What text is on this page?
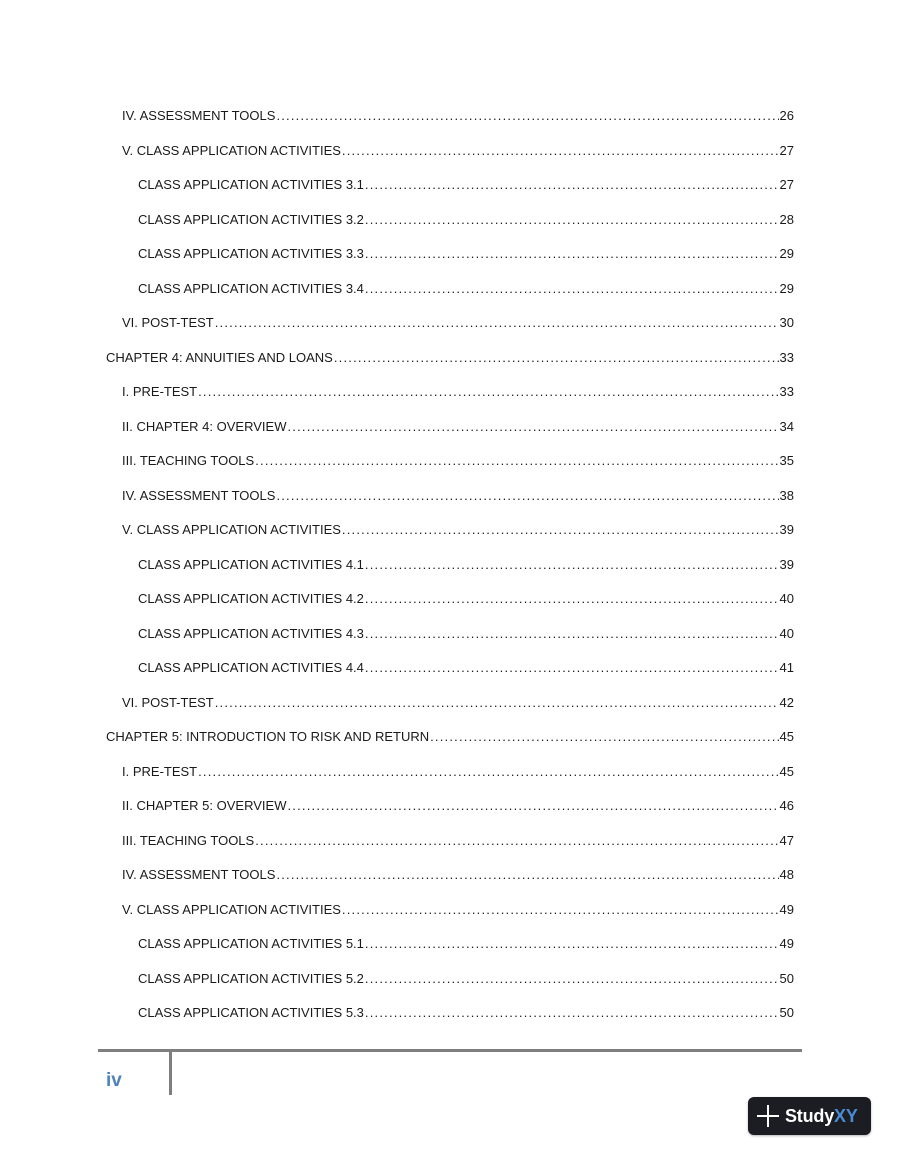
IV. ASSESSMENT TOOLS .....	26
V. CLASS APPLICATION ACTIVITIES .....	27
CLASS APPLICATION ACTIVITIES 3.1 .....	27
CLASS APPLICATION ACTIVITIES 3.2 .....	28
CLASS APPLICATION ACTIVITIES 3.3 .....	29
CLASS APPLICATION ACTIVITIES 3.4 .....	29
VI. POST-TEST .....	30
CHAPTER 4: ANNUITIES AND LOANS .....	33
I. PRE-TEST .....	33
II. CHAPTER 4: OVERVIEW .....	34
III. TEACHING TOOLS .....	35
IV. ASSESSMENT TOOLS .....	38
V. CLASS APPLICATION ACTIVITIES .....	39
CLASS APPLICATION ACTIVITIES 4.1 .....	39
CLASS APPLICATION ACTIVITIES 4.2 .....	40
CLASS APPLICATION ACTIVITIES 4.3 .....	40
CLASS APPLICATION ACTIVITIES 4.4 .....	41
VI. POST-TEST .....	42
CHAPTER 5: INTRODUCTION TO RISK AND RETURN .....	45
I. PRE-TEST .....	45
II. CHAPTER 5: OVERVIEW .....	46
III. TEACHING TOOLS .....	47
IV. ASSESSMENT TOOLS .....	48
V. CLASS APPLICATION ACTIVITIES .....	49
CLASS APPLICATION ACTIVITIES 5.1 .....	49
CLASS APPLICATION ACTIVITIES 5.2 .....	50
CLASS APPLICATION ACTIVITIES 5.3 .....	50
iv
StudyXY
